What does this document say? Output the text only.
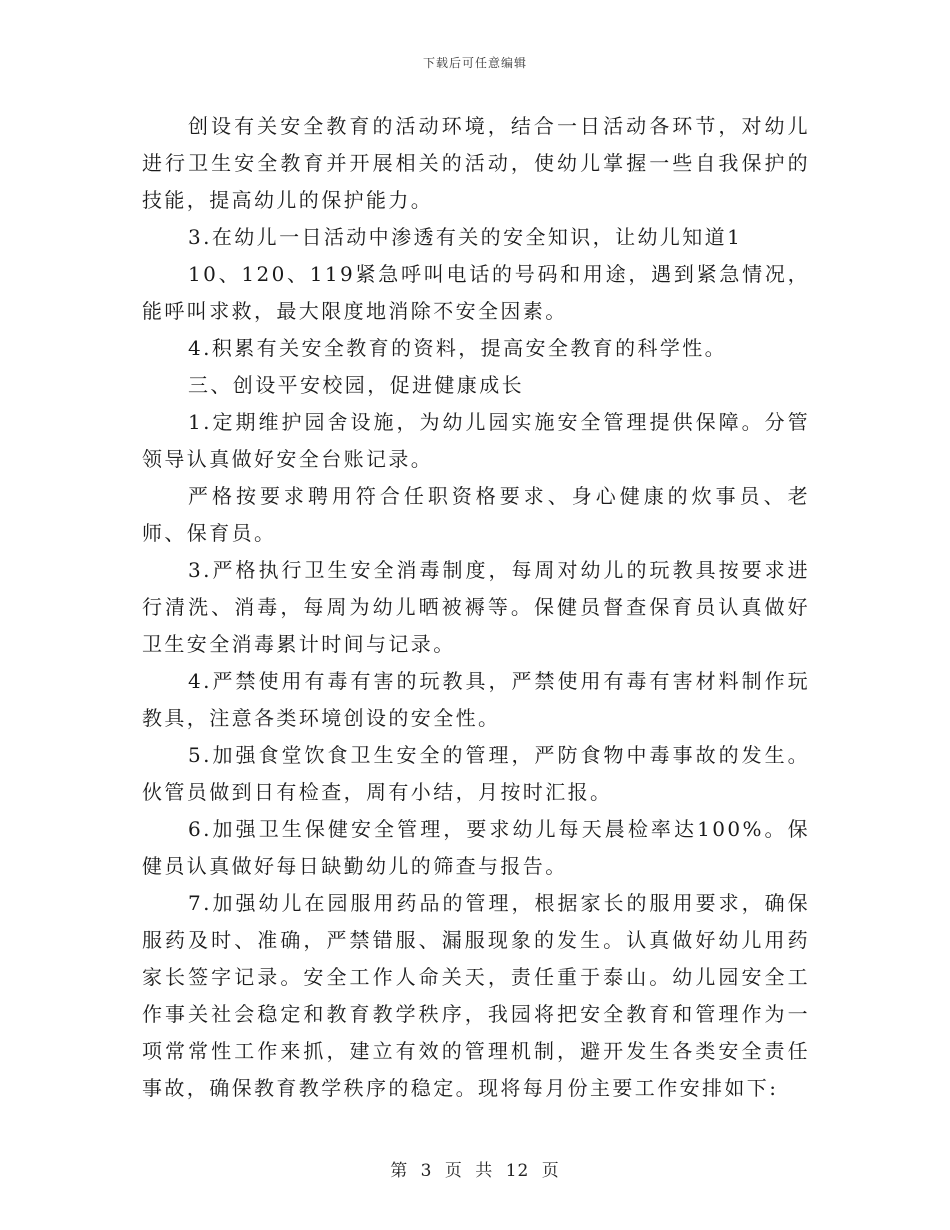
下载后可任意编辑

创设有关安全教育的活动环境，结合一日活动各环节，对幼儿进行卫生安全教育并开展相关的活动，使幼儿掌握一些自我保护的技能，提高幼儿的保护能力。

3.在幼儿一日活动中渗透有关的安全知识，让幼儿知道1

10、120、119紧急呼叫电话的号码和用途，遇到紧急情况，能呼叫求救，最大限度地消除不安全因素。

4.积累有关安全教育的资料，提高安全教育的科学性。

三、创设平安校园，促进健康成长

1.定期维护园舍设施，为幼儿园实施安全管理提供保障。分管领导认真做好安全台账记录。

严格按要求聘用符合任职资格要求、身心健康的炊事员、老师、保育员。

3.严格执行卫生安全消毒制度，每周对幼儿的玩教具按要求进行清洗、消毒，每周为幼儿晒被褥等。保健员督查保育员认真做好卫生安全消毒累计时间与记录。

4.严禁使用有毒有害的玩教具，严禁使用有毒有害材料制作玩教具，注意各类环境创设的安全性。

5.加强食堂饮食卫生安全的管理，严防食物中毒事故的发生。伙管员做到日有检查，周有小结，月按时汇报。

6.加强卫生保健安全管理，要求幼儿每天晨检率达100%。保健员认真做好每日缺勤幼儿的筛查与报告。

7.加强幼儿在园服用药品的管理，根据家长的服用要求，确保服药及时、准确，严禁错服、漏服现象的发生。认真做好幼儿用药家长签字记录。安全工作人命关天，责任重于泰山。幼儿园安全工作事关社会稳定和教育教学秩序，我园将把安全教育和管理作为一项常常性工作来抓，建立有效的管理机制，避开发生各类安全责任事故，确保教育教学秩序的稳定。现将每月份主要工作安排如下:

第 3 页 共 12 页
